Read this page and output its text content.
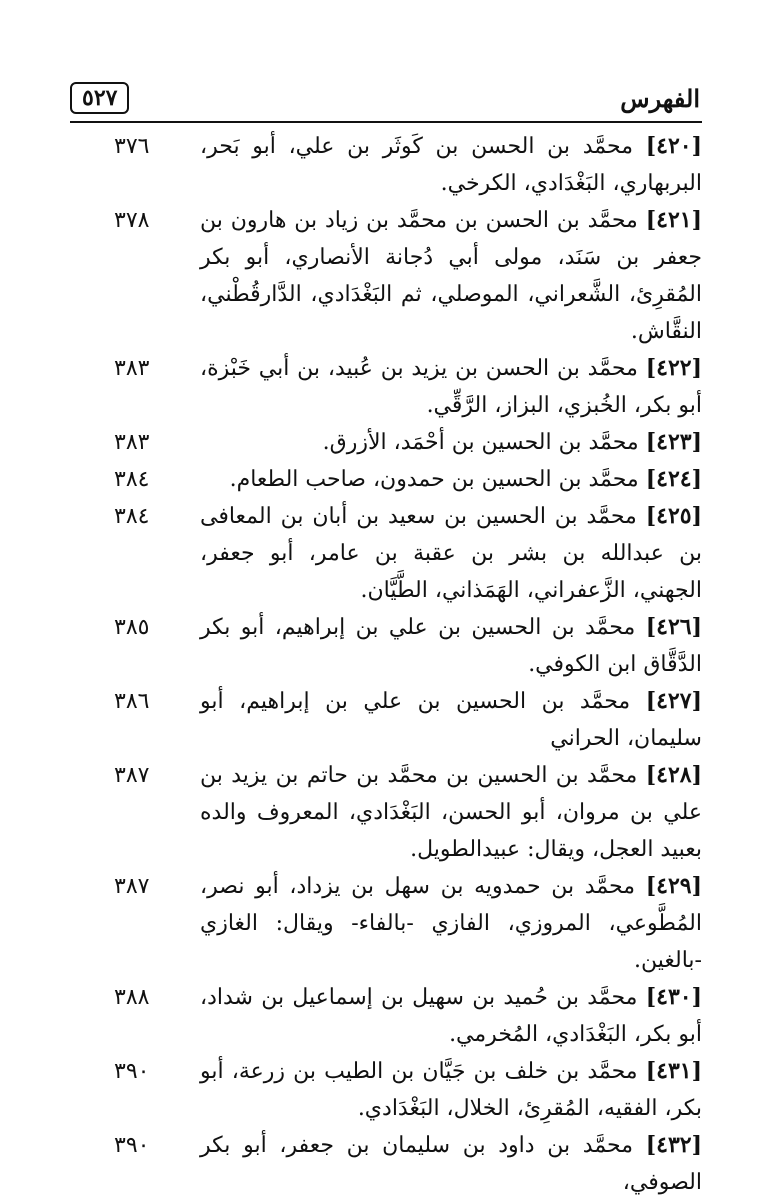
الفهرس
٥٢٧
٣٧٦	[٤٢٠] محمَّد بن الحسن بن كَوثَر بن علي، أبو بَحر، البربهاري، البَغْدَادي، الكرخي.
٣٧٨	[٤٢١] محمَّد بن الحسن بن محمَّد بن زياد بن هارون بن جعفر بن سَنَد، مولى أبي دُجانة الأنصاري، أبو بكر المُقرِئ، الشَّعراني، الموصلي، ثم البَغْدَادي، الدَّارقُطْني، النقَّاش.
٣٨٣	[٤٢٢] محمَّد بن الحسن بن يزيد بن عُبيد، بن أبي خَبْزة، أبو بكر، الخُبزي، البزاز، الرَّقِّي.
٣٨٣	[٤٢٣] محمَّد بن الحسين بن أحْمَد، الأزرق.
٣٨٤	[٤٢٤] محمَّد بن الحسين بن حمدون، صاحب الطعام.
٣٨٤	[٤٢٥] محمَّد بن الحسين بن سعيد بن أبان بن المعافى بن عبدالله بن بشر بن عقبة بن عامر، أبو جعفر، الجهني، الزَّعفراني، الهَمَذاني، الطَّيَّان.
٣٨٥	[٤٢٦] محمَّد بن الحسين بن علي بن إبراهيم، أبو بكر الدَّقَّاق ابن الكوفي.
٣٨٦	[٤٢٧] محمَّد بن الحسين بن علي بن إبراهيم، أبو سليمان، الحراني
٣٨٧	[٤٢٨] محمَّد بن الحسين بن محمَّد بن حاتم بن يزيد بن علي بن مروان، أبو الحسن، البَغْدَادي، المعروف والده بعبيد العجل، ويقال: عبيدالطويل.
٣٨٧	[٤٢٩] محمَّد بن حمدويه بن سهل بن يزداد، أبو نصر، المُطَّوعي، المروزي، الفازي -بالفاء- ويقال: الغازي -بالغين.
٣٨٨	[٤٣٠] محمَّد بن حُميد بن سهيل بن إسماعيل بن شداد، أبو بكر، البَغْدَادي، المُخرمي.
٣٩٠	[٤٣١] محمَّد بن خلف بن جَيَّان بن الطيب بن زرعة، أبو بكر، الفقيه، المُقرِئ، الخلال، البَغْدَادي.
٣٩٠	[٤٣٢] محمَّد بن داود بن سليمان بن جعفر، أبو بكر الصوفي،
